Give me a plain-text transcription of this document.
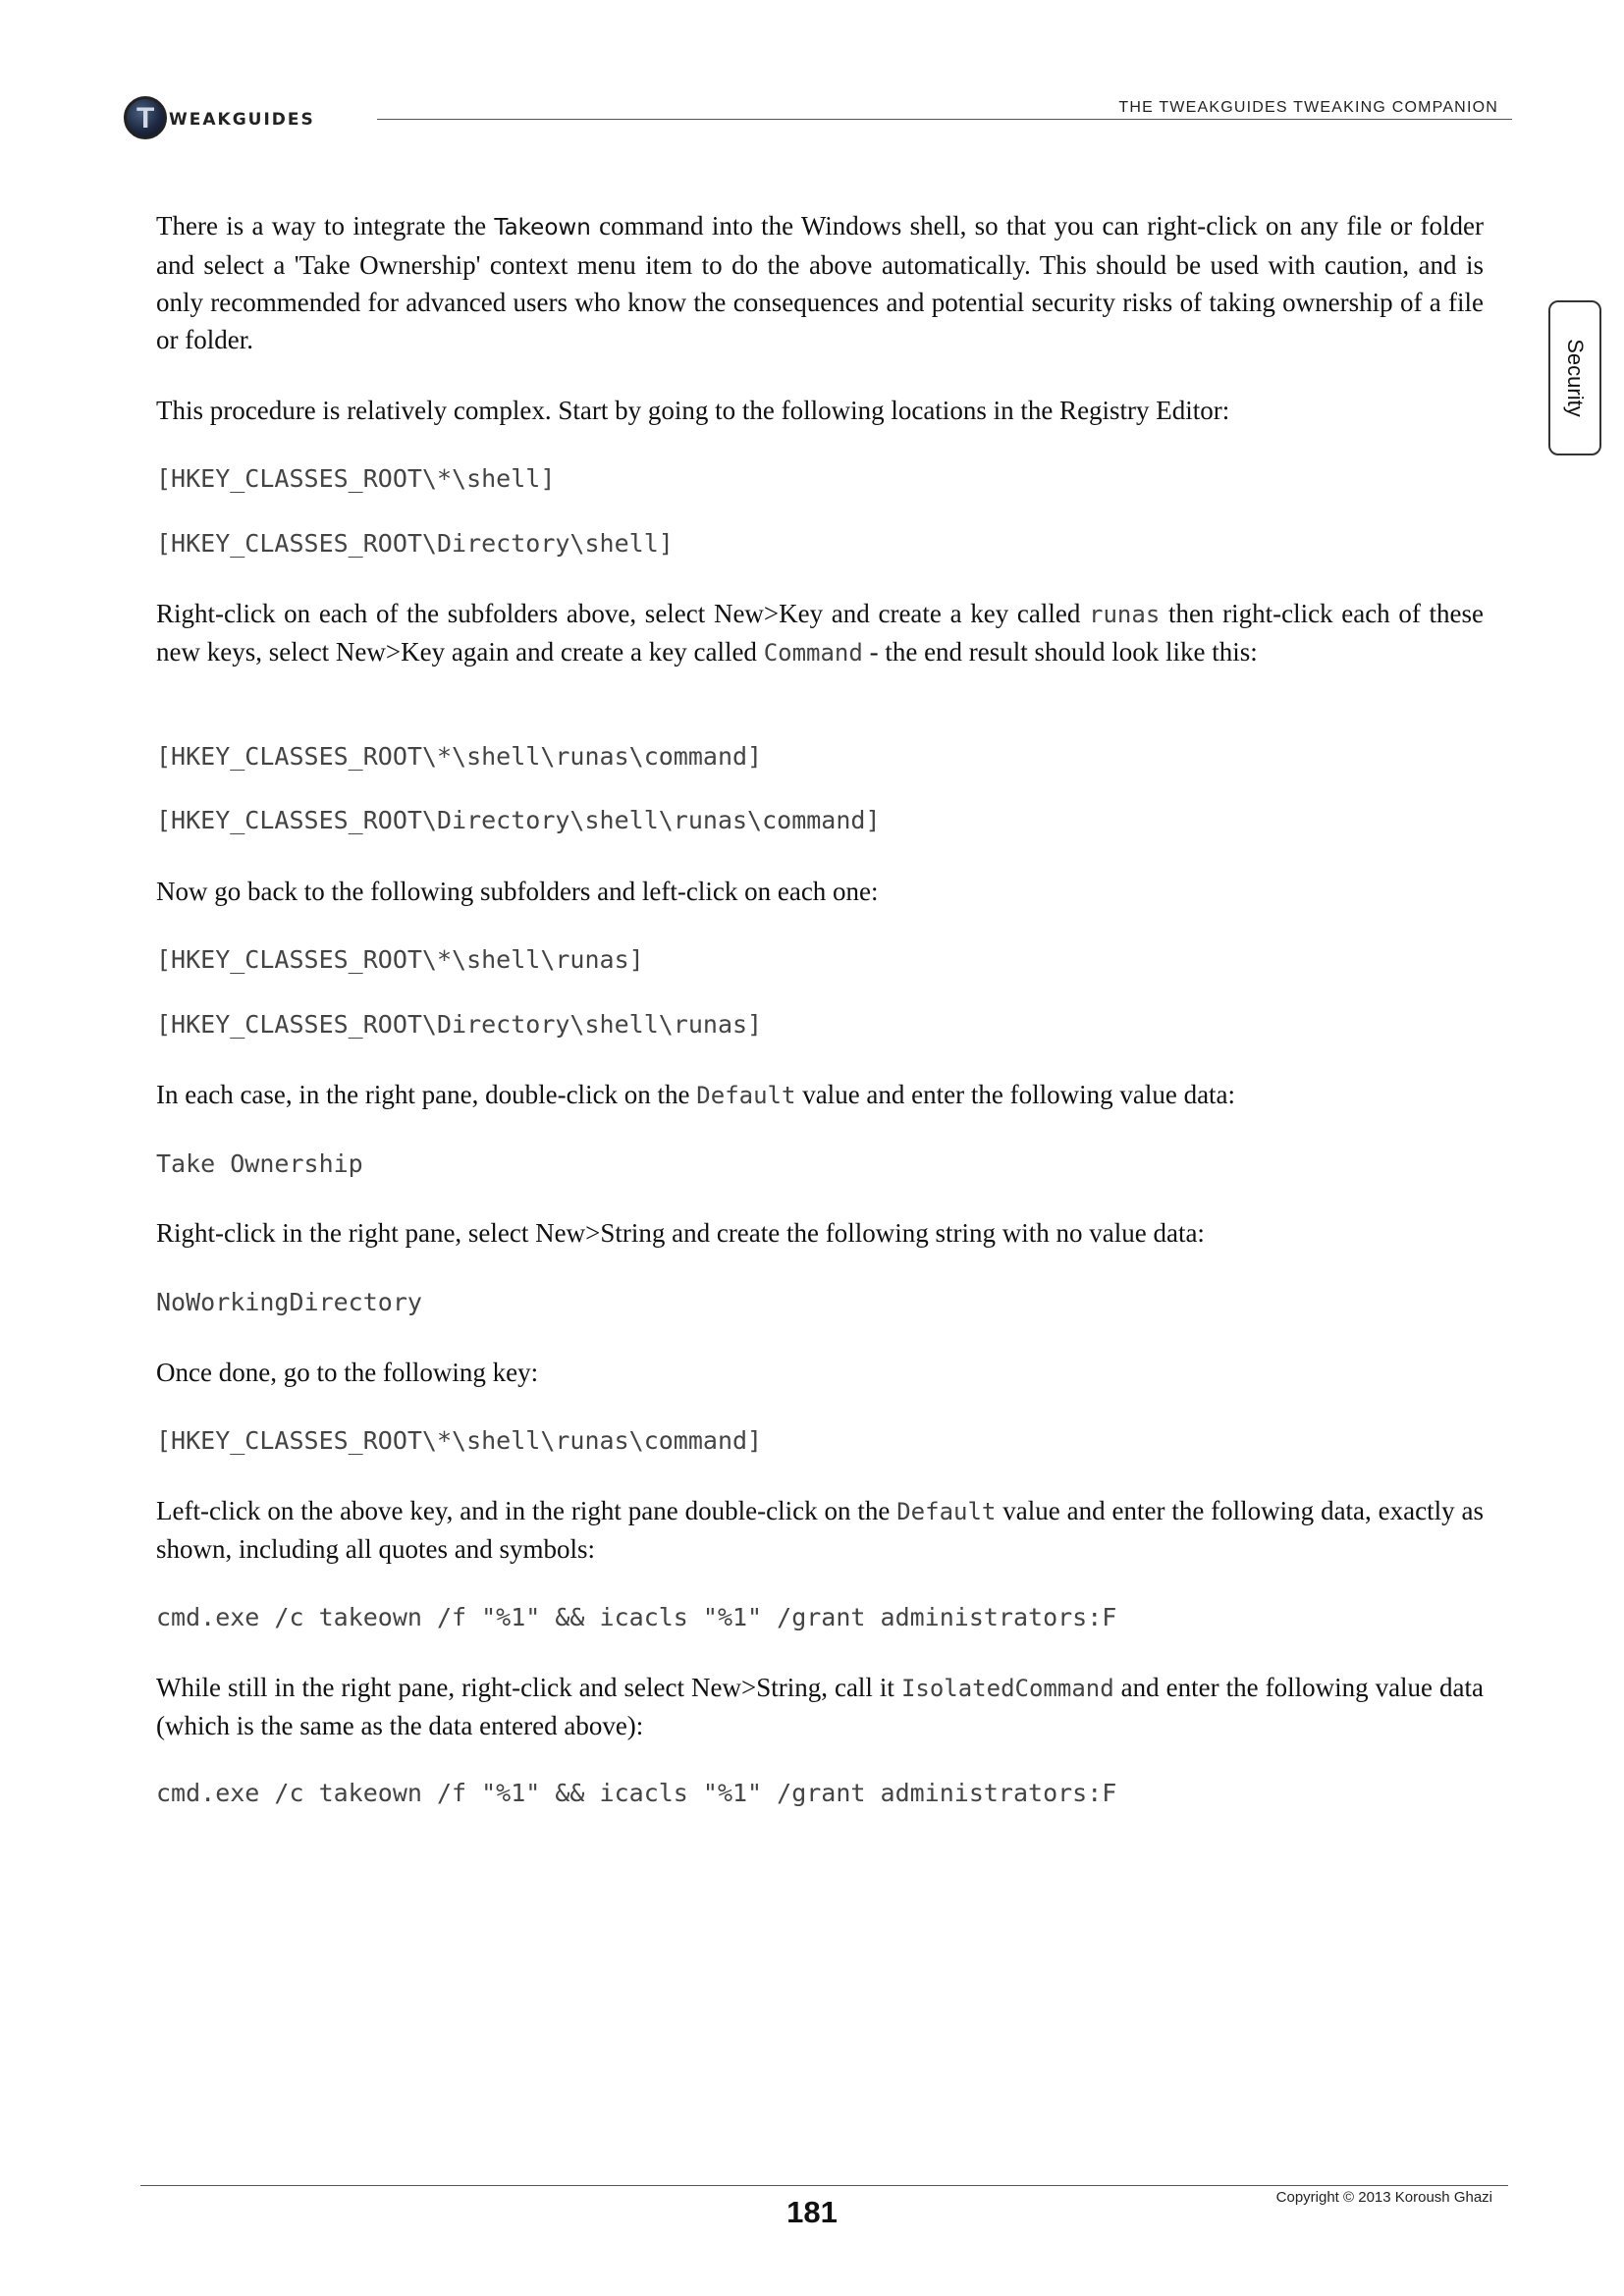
T WEAKGUIDES
THE TWEAKGUIDES TWEAKING COMPANION
Security

There is a way to integrate the Takeown command into the Windows shell, so that you can right-click on any file or folder and select a 'Take Ownership' context menu item to do the above automatically. This should be used with caution, and is only recommended for advanced users who know the consequences and potential security risks of taking ownership of a file or folder.

This procedure is relatively complex. Start by going to the following locations in the Registry Editor:

[HKEY_CLASSES_ROOT\*\shell]
[HKEY_CLASSES_ROOT\Directory\shell]

Right-click on each of the subfolders above, select New>Key and create a key called runas then right-click each of these new keys, select New>Key again and create a key called Command - the end result should look like this:

[HKEY_CLASSES_ROOT\*\shell\runas\command]
[HKEY_CLASSES_ROOT\Directory\shell\runas\command]

Now go back to the following subfolders and left-click on each one:

[HKEY_CLASSES_ROOT\*\shell\runas]
[HKEY_CLASSES_ROOT\Directory\shell\runas]

In each case, in the right pane, double-click on the Default value and enter the following value data:

Take Ownership

Right-click in the right pane, select New>String and create the following string with no value data:

NoWorkingDirectory

Once done, go to the following key:

[HKEY_CLASSES_ROOT\*\shell\runas\command]

Left-click on the above key, and in the right pane double-click on the Default value and enter the following data, exactly as shown, including all quotes and symbols:

cmd.exe /c takeown /f "%1" && icacls "%1" /grant administrators:F

While still in the right pane, right-click and select New>String, call it IsolatedCommand and enter the following value data (which is the same as the data entered above):

cmd.exe /c takeown /f "%1" && icacls "%1" /grant administrators:F
181	Copyright © 2013 Koroush Ghazi
